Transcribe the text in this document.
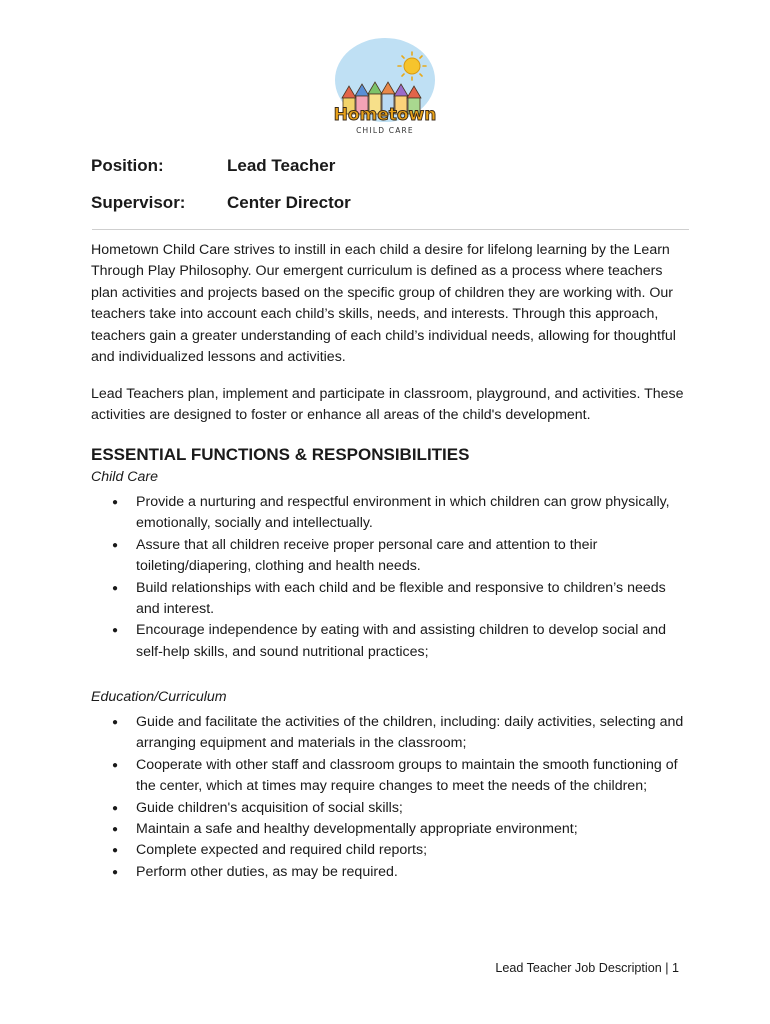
Hometown
CHILD CARE
Position:	Lead Teacher
Supervisor: Center Director

Hometown Child Care strives to instill in each child a desire for lifelong learning by the Learn Through Play Philosophy. Our emergent curriculum is defined as a process where teachers plan activities and projects based on the specific group of children they are working with. Our teachers take into account each child’s skills, needs, and interests. Through this approach, teachers gain a greater understanding of each child’s individual needs, allowing for thoughtful and individualized lessons and activities.

Lead Teachers plan, implement and participate in classroom, playground, and activities. These activities are designed to foster or enhance all areas of the child's development.

ESSENTIAL FUNCTIONS & RESPONSIBILITIES

Child Care

● Provide a nurturing and respectful environment in which children can grow physically, emotionally, socially and intellectually.
● Assure that all children receive proper personal care and attention to their toileting/diapering, clothing and health needs.
● Build relationships with each child and be flexible and responsive to children’s needs and interest.
● Encourage independence by eating with and assisting children to develop social and self-help skills, and sound nutritional practices;

Education/Curriculum

● Guide and facilitate the activities of the children, including: daily activities, selecting and arranging equipment and materials in the classroom;
● Cooperate with other staff and classroom groups to maintain the smooth functioning of the center, which at times may require changes to meet the needs of the children;
● Guide children's acquisition of social skills;
● Maintain a safe and healthy developmentally appropriate environment;
● Complete expected and required child reports;
● Perform other duties, as may be required.
Lead Teacher Job Description | 1
